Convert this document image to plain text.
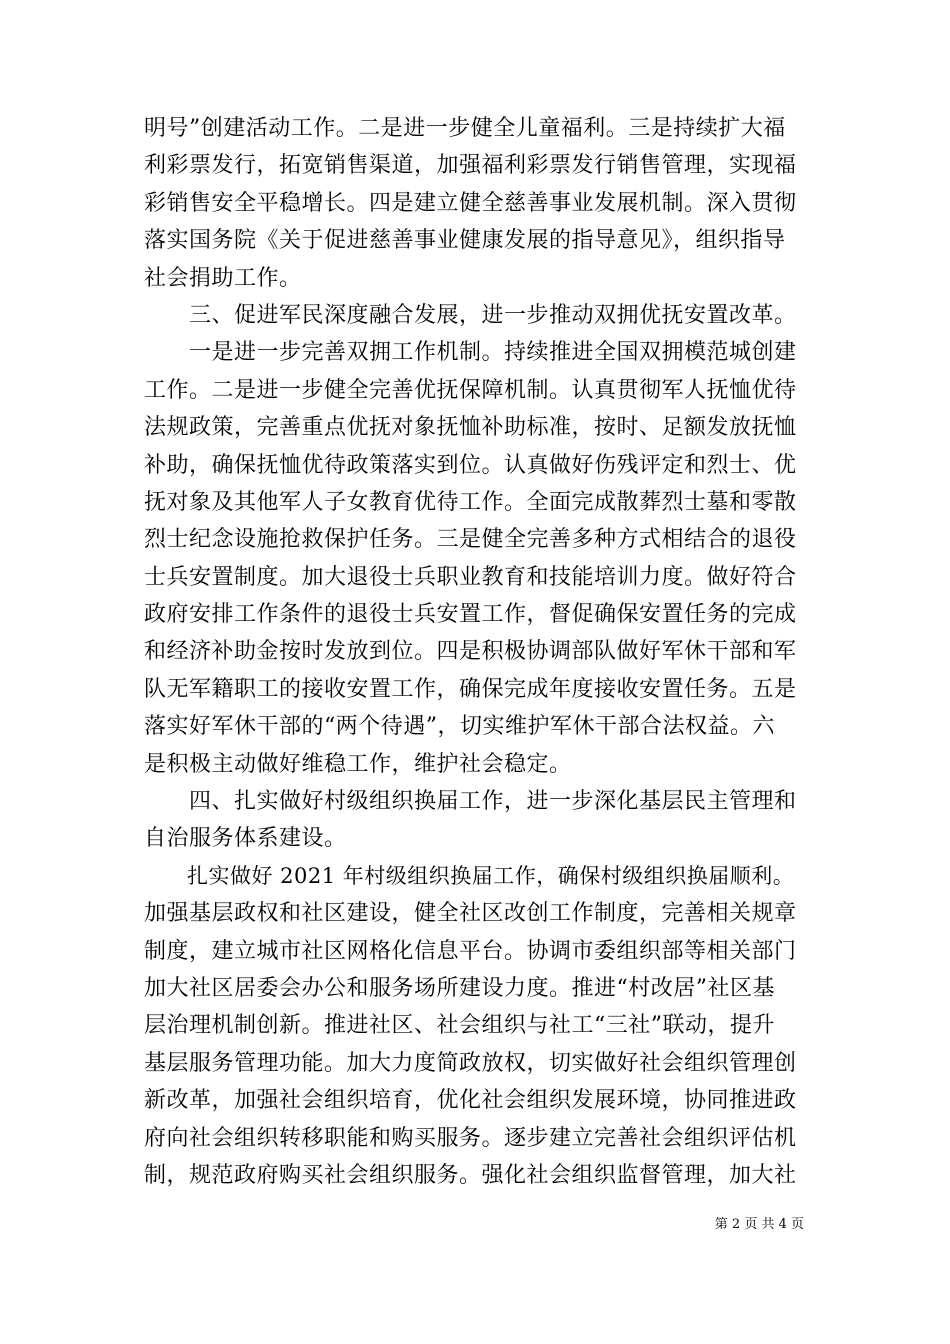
明号”创建活动工作。二是进一步健全儿童福利。三是持续扩大福
利彩票发行，拓宽销售渠道，加强福利彩票发行销售管理，实现福
彩销售安全平稳增长。四是建立健全慈善事业发展机制。深入贯彻
落实国务院《关于促进慈善事业健康发展的指导意见》，组织指导
社会捐助工作。
　　三、促进军民深度融合发展，进一步推动双拥优抚安置改革。
　　一是进一步完善双拥工作机制。持续推进全国双拥模范城创建
工作。二是进一步健全完善优抚保障机制。认真贯彻军人抚恤优待
法规政策，完善重点优抚对象抚恤补助标准，按时、足额发放抚恤
补助，确保抚恤优待政策落实到位。认真做好伤残评定和烈士、优
抚对象及其他军人子女教育优待工作。全面完成散葬烈士墓和零散
烈士纪念设施抢救保护任务。三是健全完善多种方式相结合的退役
士兵安置制度。加大退役士兵职业教育和技能培训力度。做好符合
政府安排工作条件的退役士兵安置工作，督促确保安置任务的完成
和经济补助金按时发放到位。四是积极协调部队做好军休干部和军
队无军籍职工的接收安置工作，确保完成年度接收安置任务。五是
落实好军休干部的“两个待遇”，切实维护军休干部合法权益。六
是积极主动做好维稳工作，维护社会稳定。
　　四、扎实做好村级组织换届工作，进一步深化基层民主管理和
自治服务体系建设。
　　扎实做好 2021 年村级组织换届工作，确保村级组织换届顺利。
加强基层政权和社区建设，健全社区改创工作制度，完善相关规章
制度，建立城市社区网格化信息平台。协调市委组织部等相关部门
加大社区居委会办公和服务场所建设力度。推进“村改居”社区基
层治理机制创新。推进社区、社会组织与社工“三社”联动，提升
基层服务管理功能。加大力度简政放权，切实做好社会组织管理创
新改革，加强社会组织培育，优化社会组织发展环境，协同推进政
府向社会组织转移职能和购买服务。逐步建立完善社会组织评估机
制，规范政府购买社会组织服务。强化社会组织监督管理，加大社
第 2 页 共 4 页
